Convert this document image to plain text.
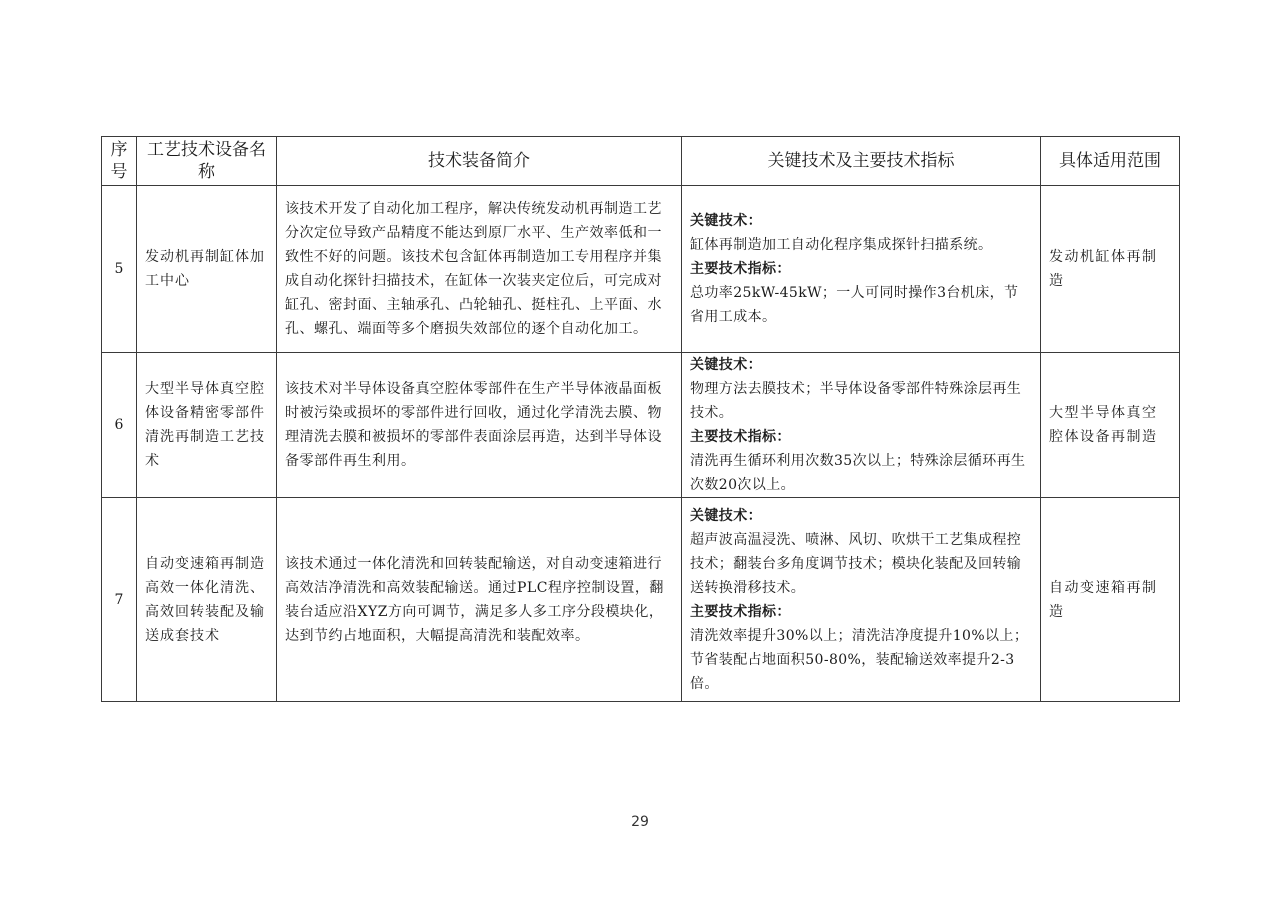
序号	工艺技术设备名称	技术装备简介	关键技术及主要技术指标	具体适用范围
5	发动机再制缸体加工中心	该技术开发了自动化加工程序，解决传统发动机再制造工艺分次定位导致产品精度不能达到原厂水平、生产效率低和一致性不好的问题。该技术包含缸体再制造加工专用程序并集成自动化探针扫描技术，在缸体一次装夹定位后，可完成对缸孔、密封面、主轴承孔、凸轮轴孔、挺柱孔、上平面、水孔、螺孔、端面等多个磨损失效部位的逐个自动化加工。	关键技术：
缸体再制造加工自动化程序集成探针扫描系统。
主要技术指标：
总功率25kW-45kW；一人可同时操作3台机床，节省用工成本。	发动机缸体再制造
6	大型半导体真空腔体设备精密零部件清洗再制造工艺技术	该技术对半导体设备真空腔体零部件在生产半导体液晶面板时被污染或损坏的零部件进行回收，通过化学清洗去膜、物理清洗去膜和被损坏的零部件表面涂层再造，达到半导体设备零部件再生利用。	关键技术：
物理方法去膜技术；半导体设备零部件特殊涂层再生技术。
主要技术指标：
清洗再生循环利用次数35次以上；特殊涂层循环再生次数20次以上。	大型半导体真空腔体设备再制造
7	自动变速箱再制造高效一体化清洗、高效回转装配及输送成套技术	该技术通过一体化清洗和回转装配输送，对自动变速箱进行高效洁净清洗和高效装配输送。通过PLC程序控制设置，翻装台适应沿XYZ方向可调节，满足多人多工序分段模块化，达到节约占地面积，大幅提高清洗和装配效率。	关键技术：
超声波高温浸洗、喷淋、风切、吹烘干工艺集成程控技术；翻装台多角度调节技术；模块化装配及回转输送转换滑移技术。
主要技术指标：
清洗效率提升30%以上；清洗洁净度提升10%以上；节省装配占地面积50-80%，装配输送效率提升2-3倍。	自动变速箱再制造
29
